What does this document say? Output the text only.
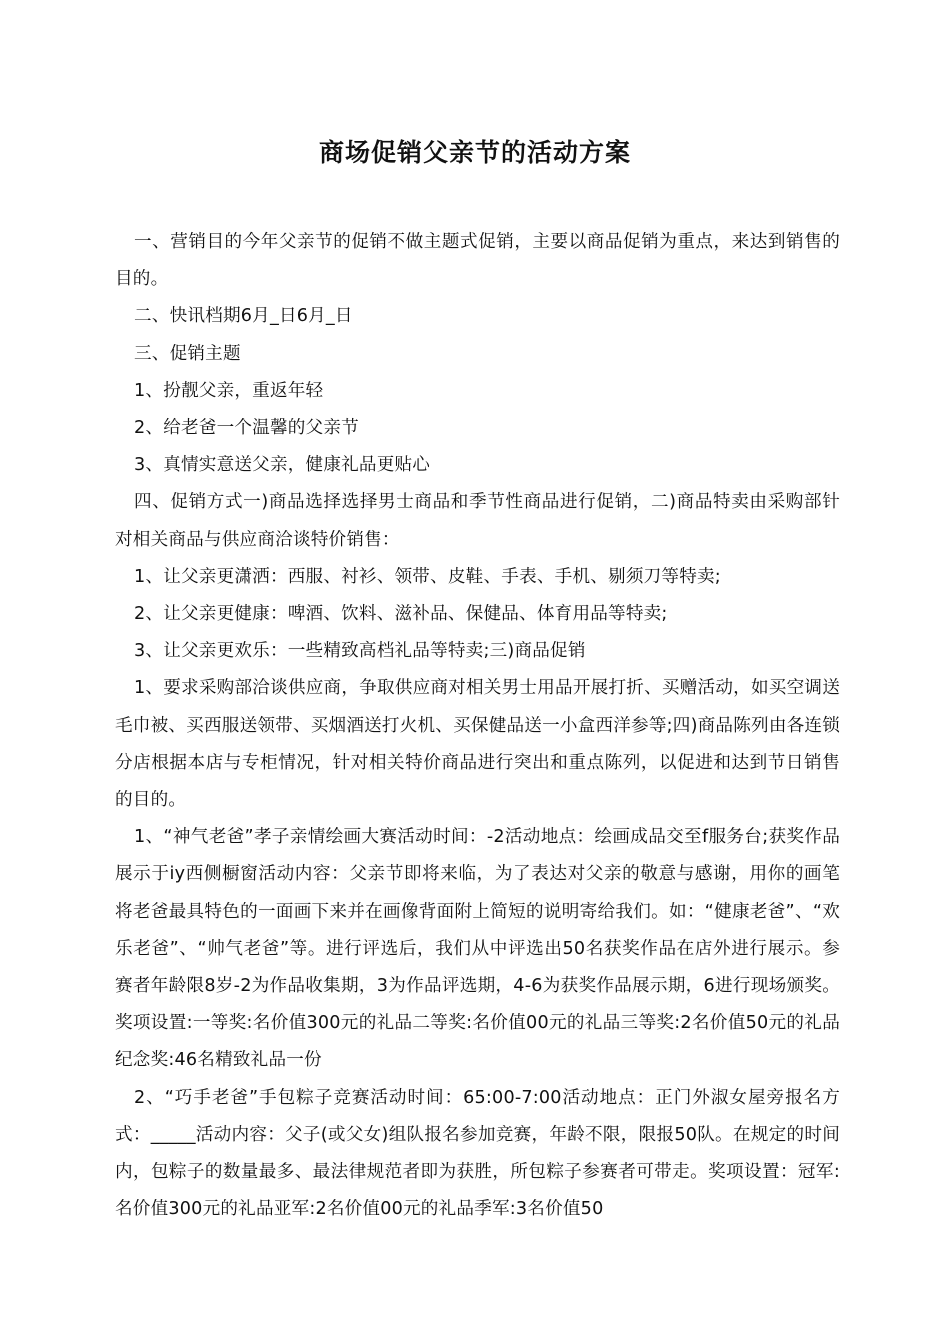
商场促销父亲节的活动方案

一、营销目的今年父亲节的促销不做主题式促销，主要以商品促销为重点，来达到销售的目的。

二、快讯档期6月_日6月_日

三、促销主题

1、扮靓父亲，重返年轻

2、给老爸一个温馨的父亲节

3、真情实意送父亲，健康礼品更贴心

四、促销方式一)商品选择选择男士商品和季节性商品进行促销，二)商品特卖由采购部针对相关商品与供应商洽谈特价销售：

1、让父亲更潇洒：西服、衬衫、领带、皮鞋、手表、手机、剔须刀等特卖;

2、让父亲更健康：啤酒、饮料、滋补品、保健品、体育用品等特卖;

3、让父亲更欢乐：一些精致高档礼品等特卖;三)商品促销

1、要求采购部洽谈供应商，争取供应商对相关男士用品开展打折、买赠活动，如买空调送毛巾被、买西服送领带、买烟酒送打火机、买保健品送一小盒西洋参等;四)商品陈列由各连锁分店根据本店与专柜情况，针对相关特价商品进行突出和重点陈列，以促进和达到节日销售的目的。

1、“神气老爸”孝子亲情绘画大赛活动时间：-2活动地点：绘画成品交至f服务台;获奖作品展示于iy西侧橱窗活动内容：父亲节即将来临，为了表达对父亲的敬意与感谢，用你的画笔将老爸最具特色的一面画下来并在画像背面附上简短的说明寄给我们。如：“健康老爸”、“欢乐老爸”、“帅气老爸”等。进行评选后，我们从中评选出50名获奖作品在店外进行展示。参赛者年龄限8岁-2为作品收集期，3为作品评选期，4-6为获奖作品展示期，6进行现场颁奖。奖项设置:一等奖:名价值300元的礼品二等奖:名价值00元的礼品三等奖:2名价值50元的礼品纪念奖:46名精致礼品一份

2、“巧手老爸”手包粽子竞赛活动时间：65:00-7:00活动地点：正门外淑女屋旁报名方式：_____活动内容：父子(或父女)组队报名参加竞赛，年龄不限，限报50队。在规定的时间内，包粽子的数量最多、最法律规范者即为获胜，所包粽子参赛者可带走。奖项设置：冠军:名价值300元的礼品亚军:2名价值00元的礼品季军:3名价值50
